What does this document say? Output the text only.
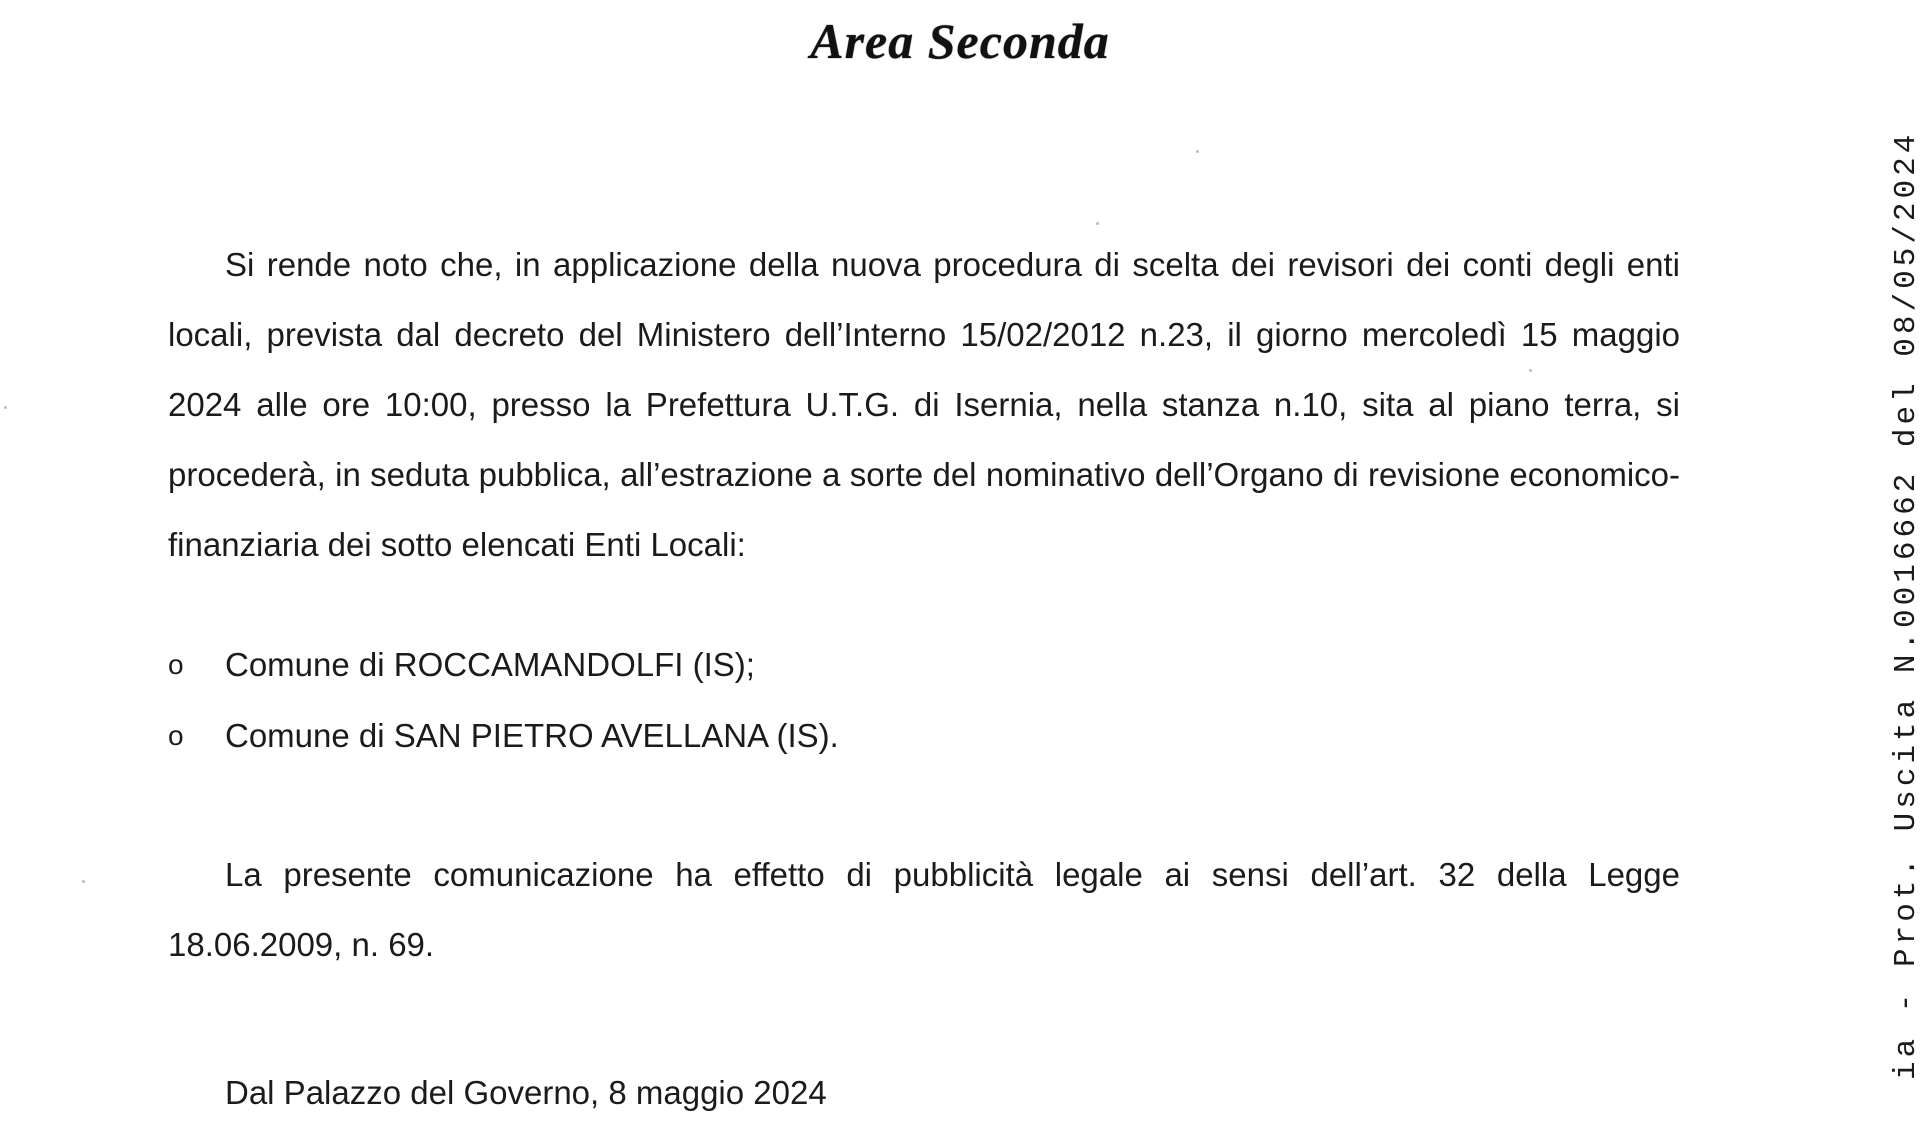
Area Seconda
Si rende noto che, in applicazione della nuova procedura di scelta dei revisori dei conti degli enti locali, prevista dal decreto del Ministero dell’Interno 15/02/2012 n.23, il giorno mercoledì 15 maggio 2024 alle ore 10:00, presso la Prefettura U.T.G. di Isernia, nella stanza n.10, sita al piano terra, si procederà, in seduta pubblica, all’estrazione a sorte del nominativo dell’Organo di revisione economico-finanziaria dei sotto elencati Enti Locali:
o Comune di ROCCAMANDOLFI (IS);
o Comune di SAN PIETRO AVELLANA (IS).
La presente comunicazione ha effetto di pubblicità legale ai sensi dell’art. 32 della Legge 18.06.2009, n. 69.
Dal Palazzo del Governo, 8 maggio 2024
ia - Prot. Uscita N.0016662 del 08/05/2024
